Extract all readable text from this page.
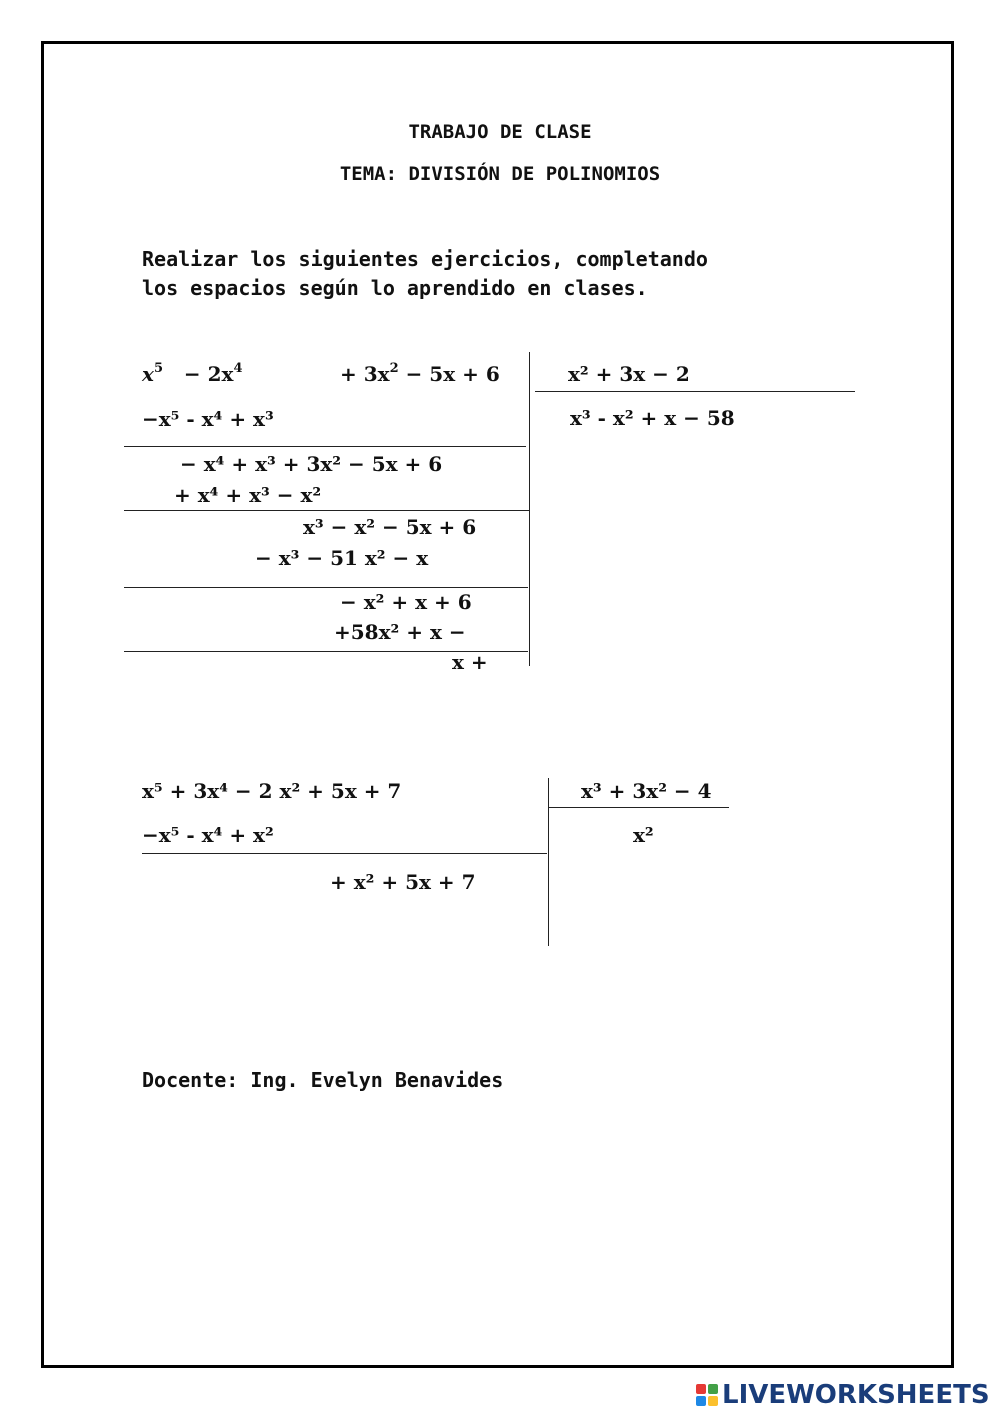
TRABAJO DE CLASE
TEMA: DIVISIÓN DE POLINOMIOS
Realizar los siguientes ejercicios, completando
los espacios según lo aprendido en clases.
$x^5 - 2x^4$	+ $3x^2 - 5x + 6$	x² + 3x − 2
x³ - x² + x − 58
−x⁵ - x⁴ + x³
− x⁴ + x³ + 3x² − 5x + 6
+ x⁴ + x³ − x²
x³ − x² − 5x + 6
− x³ − 51 x² − x
− x² + x + 6
+58x² + x −
x +
x⁵ + 3x⁴ − 2 x² + 5x + 7	x³ + 3x² − 4
x²
−x⁵ - x⁴ + x²
+ x² + 5x + 7
Docente: Ing. Evelyn Benavides
LIVEWORKSHEETS
